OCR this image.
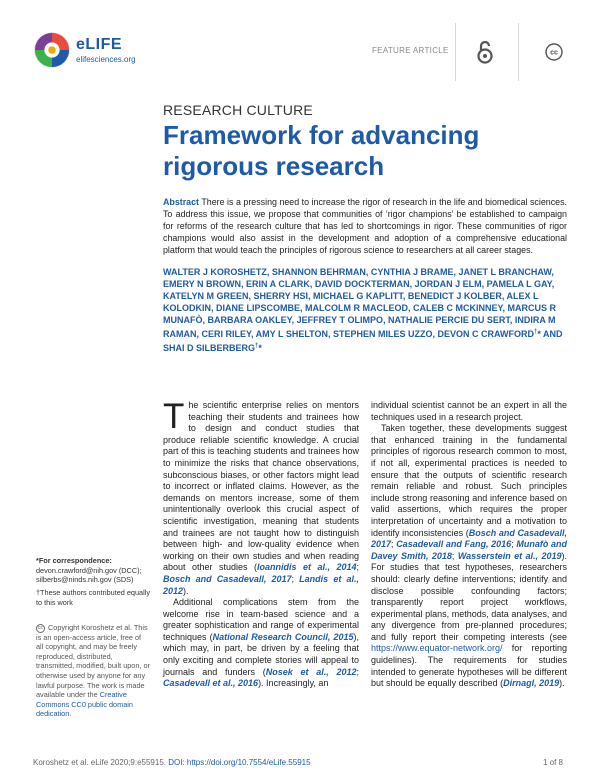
eLIFE
elifesciences.org
FEATURE ARTICLE	cc
RESEARCH CULTURE
Framework for advancing rigorous research
Abstract There is a pressing need to increase the rigor of research in the life and biomedical sciences. To address this issue, we propose that communities of ‘rigor champions’ be established to campaign for reforms of the research culture that has led to shortcomings in rigor. These communities of rigor champions would also assist in the development and adoption of a comprehensive educational platform that would teach the principles of rigorous science to researchers at all career stages.
WALTER J KOROSHETZ, SHANNON BEHRMAN, CYNTHIA J BRAME, JANET L BRANCHAW, EMERY N BROWN, ERIN A CLARK, DAVID DOCKTERMAN, JORDAN J ELM, PAMELA L GAY, KATELYN M GREEN, SHERRY HSI, MICHAEL G KAPLITT, BENEDICT J KOLBER, ALEX L KOLODKIN, DIANE LIPSCOMBE, MALCOLM R MACLEOD, CALEB C MCKINNEY, MARCUS R MUNAFÒ, BARBARA OAKLEY, JEFFREY T OLIMPO, NATHALIE PERCIE DU SERT, INDIRA M RAMAN, CERI RILEY, AMY L SHELTON, STEPHEN MILES UZZO, DEVON C CRAWFORD†* AND SHAI D SILBERBERG†*
*For correspondence: devon.crawford@nih.gov (DCC); silberbs@ninds.nih.gov (SDS)
†These authors contributed equally to this work
cc Copyright Koroshetz et al. This is an open-access article, free of all copyright, and may be freely reproduced, distributed, transmitted, modified, built upon, or otherwise used by anyone for any lawful purpose. The work is made available under the Creative Commons CC0 public domain dedication.

The scientific enterprise relies on mentors teaching their students and trainees how to design and conduct studies that produce reliable scientific knowledge. A crucial part of this is teaching students and trainees how to minimize the risks that chance observations, subconscious biases, or other factors might lead to incorrect or inflated claims. However, as the demands on mentors increase, some of them unintentionally overlook this crucial aspect of scientific investigation, meaning that students and trainees are not taught how to distinguish between high- and low-quality evidence when working on their own studies and when reading about other studies (Ioannidis et al., 2014; Bosch and Casadevall, 2017; Landis et al., 2012).

Additional complications stem from the welcome rise in team-based science and a greater sophistication and range of experimental techniques (National Research Council, 2015), which may, in part, be driven by a feeling that only exciting and complete stories will appeal to journals and funders (Nosek et al., 2012; Casadevall et al., 2016). Increasingly, an

individual scientist cannot be an expert in all the techniques used in a research project.

Taken together, these developments suggest that enhanced training in the fundamental principles of rigorous research common to most, if not all, experimental practices is needed to ensure that the outputs of scientific research remain reliable and robust. Such principles include strong reasoning and inference based on valid assertions, which requires the proper interpretation of uncertainty and a motivation to identify inconsistencies (Bosch and Casadevall, 2017; Casadevall and Fang, 2016; Munafò and Davey Smith, 2018; Wasserstein et al., 2019). For studies that test hypotheses, researchers should: clearly define interventions; identify and disclose possible confounding factors; transparently report project workflows, experimental plans, methods, data analyses, and any divergence from pre-planned procedures; and fully report their competing interests (see https://www.equator-network.org/ for reporting guidelines). The requirements for studies intended to generate hypotheses will be different but should be equally described (Dirnagl, 2019).

Koroshetz et al. eLife 2020;9:e55915. DOI: https://doi.org/10.7554/eLife.55915	1 of 8
